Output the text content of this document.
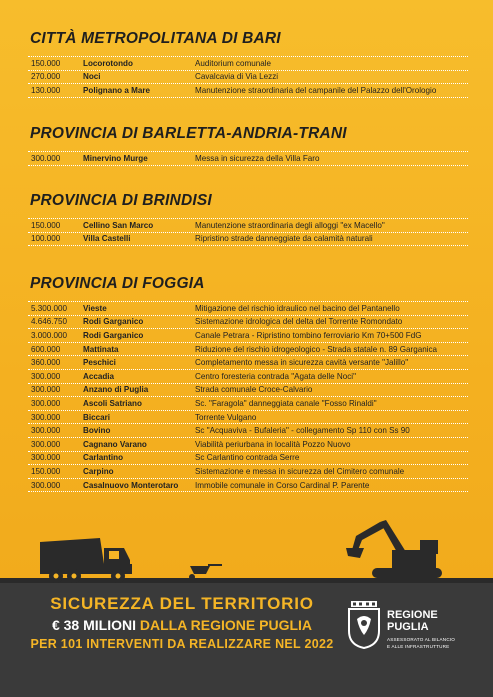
CITTÀ METROPOLITANA DI BARI
150.000	Locorotondo	Auditorium comunale
270.000	Noci	Cavalcavia di Via Lezzi
130.000	Polignano a Mare	Manutenzione straordinaria del campanile del Palazzo dell'Orologio
PROVINCIA DI BARLETTA-ANDRIA-TRANI
300.000	Minervino Murge	Messa in sicurezza della Villa Faro
PROVINCIA DI BRINDISI
150.000	Cellino San Marco	Manutenzione straordinaria degli alloggi "ex Macello"
100.000	Villa Castelli	Ripristino strade danneggiate da calamità naturali
PROVINCIA DI FOGGIA
5.300.000	Vieste	Mitigazione del rischio idraulico nel bacino del Pantanello
4.646.750	Rodi Garganico	Sistemazione idrologica del delta del Torrente Romondato
3.000.000	Rodi Garganico	Canale Petrara - Ripristino tombino ferroviario Km 70+500 FdG
600.000	Mattinata	Riduzione del rischio idrogeologico - Strada statale n. 89 Garganica
360.000	Peschici	Completamento messa in sicurezza cavità versante "Jalillo"
300.000	Accadia	Centro foresteria contrada "Agata delle Noci"
300.000	Anzano di Puglia	Strada comunale Croce-Calvario
300.000	Ascoli Satriano	Sc. "Faragola" danneggiata canale "Fosso Rinaldi"
300.000	Biccari	Torrente Vulgano
300.000	Bovino	Sc "Acquaviva - Bufaleria" - collegamento Sp 110 con Ss 90
300.000	Cagnano Varano	Viabilità periurbana in località Pozzo Nuovo
300.000	Carlantino	Sc Carlantino contrada Serre
150.000	Carpino	Sistemazione e messa in sicurezza del Cimitero comunale
300.000	Casalnuovo Monterotaro	Immobile comunale in Corso Cardinal P. Parente
SICUREZZA DEL TERRITORIO
€ 38 MILIONI DALLA REGIONE PUGLIA
PER 101 INTERVENTI DA REALIZZARE NEL 2022
REGIONE
PUGLIA
ASSESSORATO AL BILANCIO
E ALLE INFRASTRUTTURE
